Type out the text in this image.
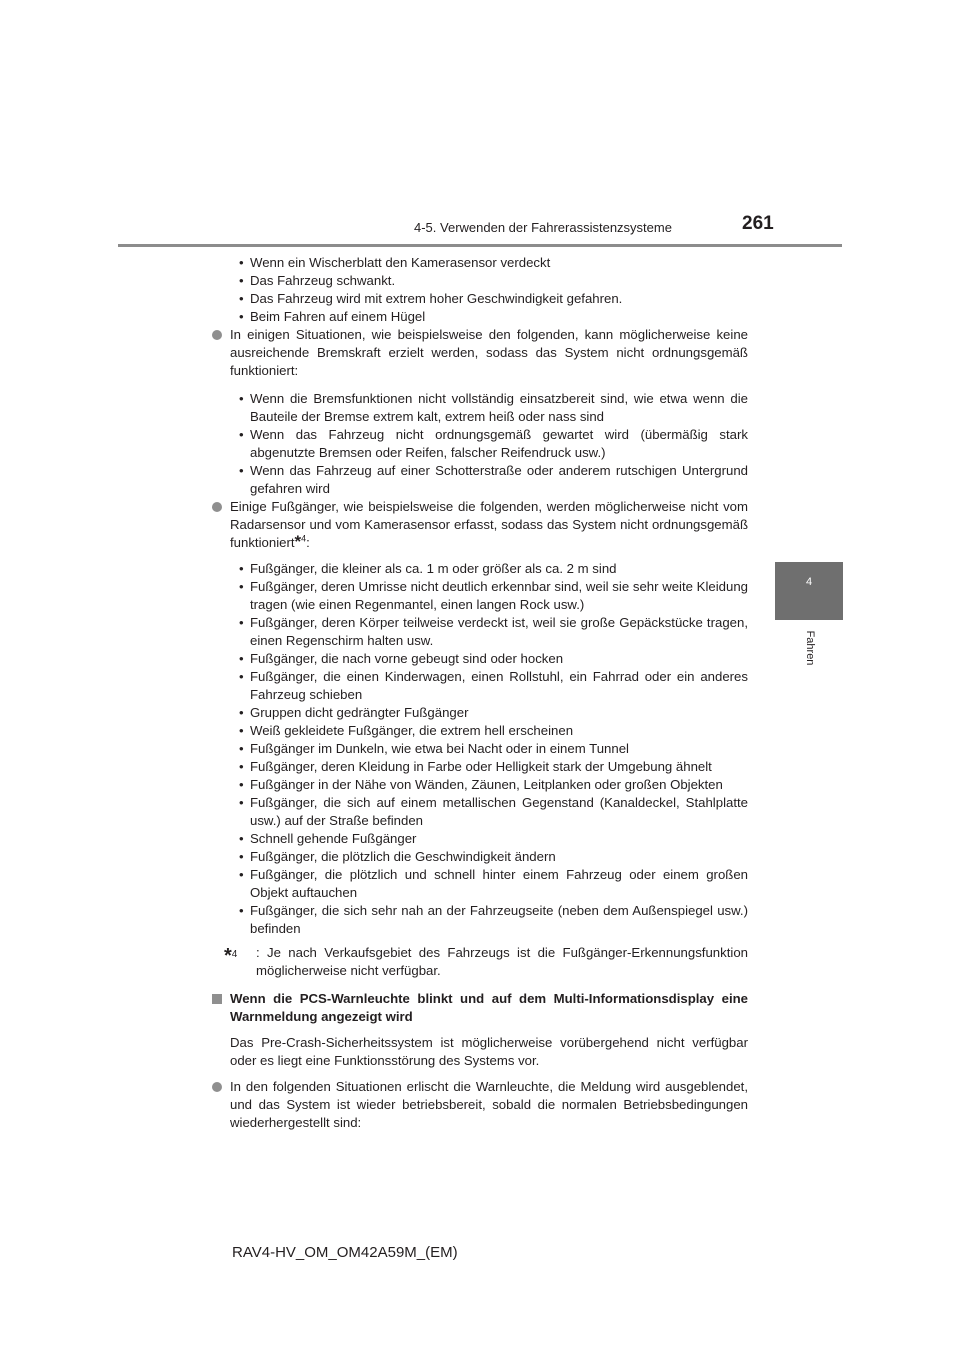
4-5. Verwenden der Fahrerassistenzsysteme	261
4
Fahren
• Wenn ein Wischerblatt den Kamerasensor verdeckt
• Das Fahrzeug schwankt.
• Das Fahrzeug wird mit extrem hoher Geschwindigkeit gefahren.
• Beim Fahren auf einem Hügel

In einigen Situationen, wie beispielsweise den folgenden, kann möglicherweise keine ausreichende Bremskraft erzielt werden, sodass das System nicht ordnungsgemäß funktioniert:

• Wenn die Bremsfunktionen nicht vollständig einsatzbereit sind, wie etwa wenn die Bauteile der Bremse extrem kalt, extrem heiß oder nass sind
• Wenn das Fahrzeug nicht ordnungsgemäß gewartet wird (übermäßig stark abgenutzte Bremsen oder Reifen, falscher Reifendruck usw.)
• Wenn das Fahrzeug auf einer Schotterstraße oder anderem rutschigen Untergrund gefahren wird

Einige Fußgänger, wie beispielsweise die folgenden, werden möglicherweise nicht vom Radarsensor und vom Kamerasensor erfasst, sodass das System nicht ordnungsgemäß funktioniert*$^4$:

• Fußgänger, die kleiner als ca. 1 m oder größer als ca. 2 m sind
• Fußgänger, deren Umrisse nicht deutlich erkennbar sind, weil sie sehr weite Kleidung tragen (wie einen Regenmantel, einen langen Rock usw.)
• Fußgänger, deren Körper teilweise verdeckt ist, weil sie große Gepäckstücke tragen, einen Regenschirm halten usw.
• Fußgänger, die nach vorne gebeugt sind oder hocken
• Fußgänger, die einen Kinderwagen, einen Rollstuhl, ein Fahrrad oder ein anderes Fahrzeug schieben
• Gruppen dicht gedrängter Fußgänger
• Weiß gekleidete Fußgänger, die extrem hell erscheinen
• Fußgänger im Dunkeln, wie etwa bei Nacht oder in einem Tunnel
• Fußgänger, deren Kleidung in Farbe oder Helligkeit stark der Umgebung ähnelt
• Fußgänger in der Nähe von Wänden, Zäunen, Leitplanken oder großen Objekten
• Fußgänger, die sich auf einem metallischen Gegenstand (Kanaldeckel, Stahlplatte usw.) auf der Straße befinden
• Schnell gehende Fußgänger
• Fußgänger, die plötzlich die Geschwindigkeit ändern
• Fußgänger, die plötzlich und schnell hinter einem Fahrzeug oder einem großen Objekt auftauchen
• Fußgänger, die sich sehr nah an der Fahrzeugseite (neben dem Außenspiegel usw.) befinden
*4 : Je nach Verkaufsgebiet des Fahrzeugs ist die Fußgänger-Erkennungsfunktion möglicherweise nicht verfügbar.

Wenn die PCS-Warnleuchte blinkt und auf dem Multi-Informationsdisplay eine Warnmeldung angezeigt wird

Das Pre-Crash-Sicherheitssystem ist möglicherweise vorübergehend nicht verfügbar oder es liegt eine Funktionsstörung des Systems vor.

In den folgenden Situationen erlischt die Warnleuchte, die Meldung wird ausgeblendet, und das System ist wieder betriebsbereit, sobald die normalen Betriebsbedingungen wiederhergestellt sind:

RAV4-HV_OM_OM42A59M_(EM)
